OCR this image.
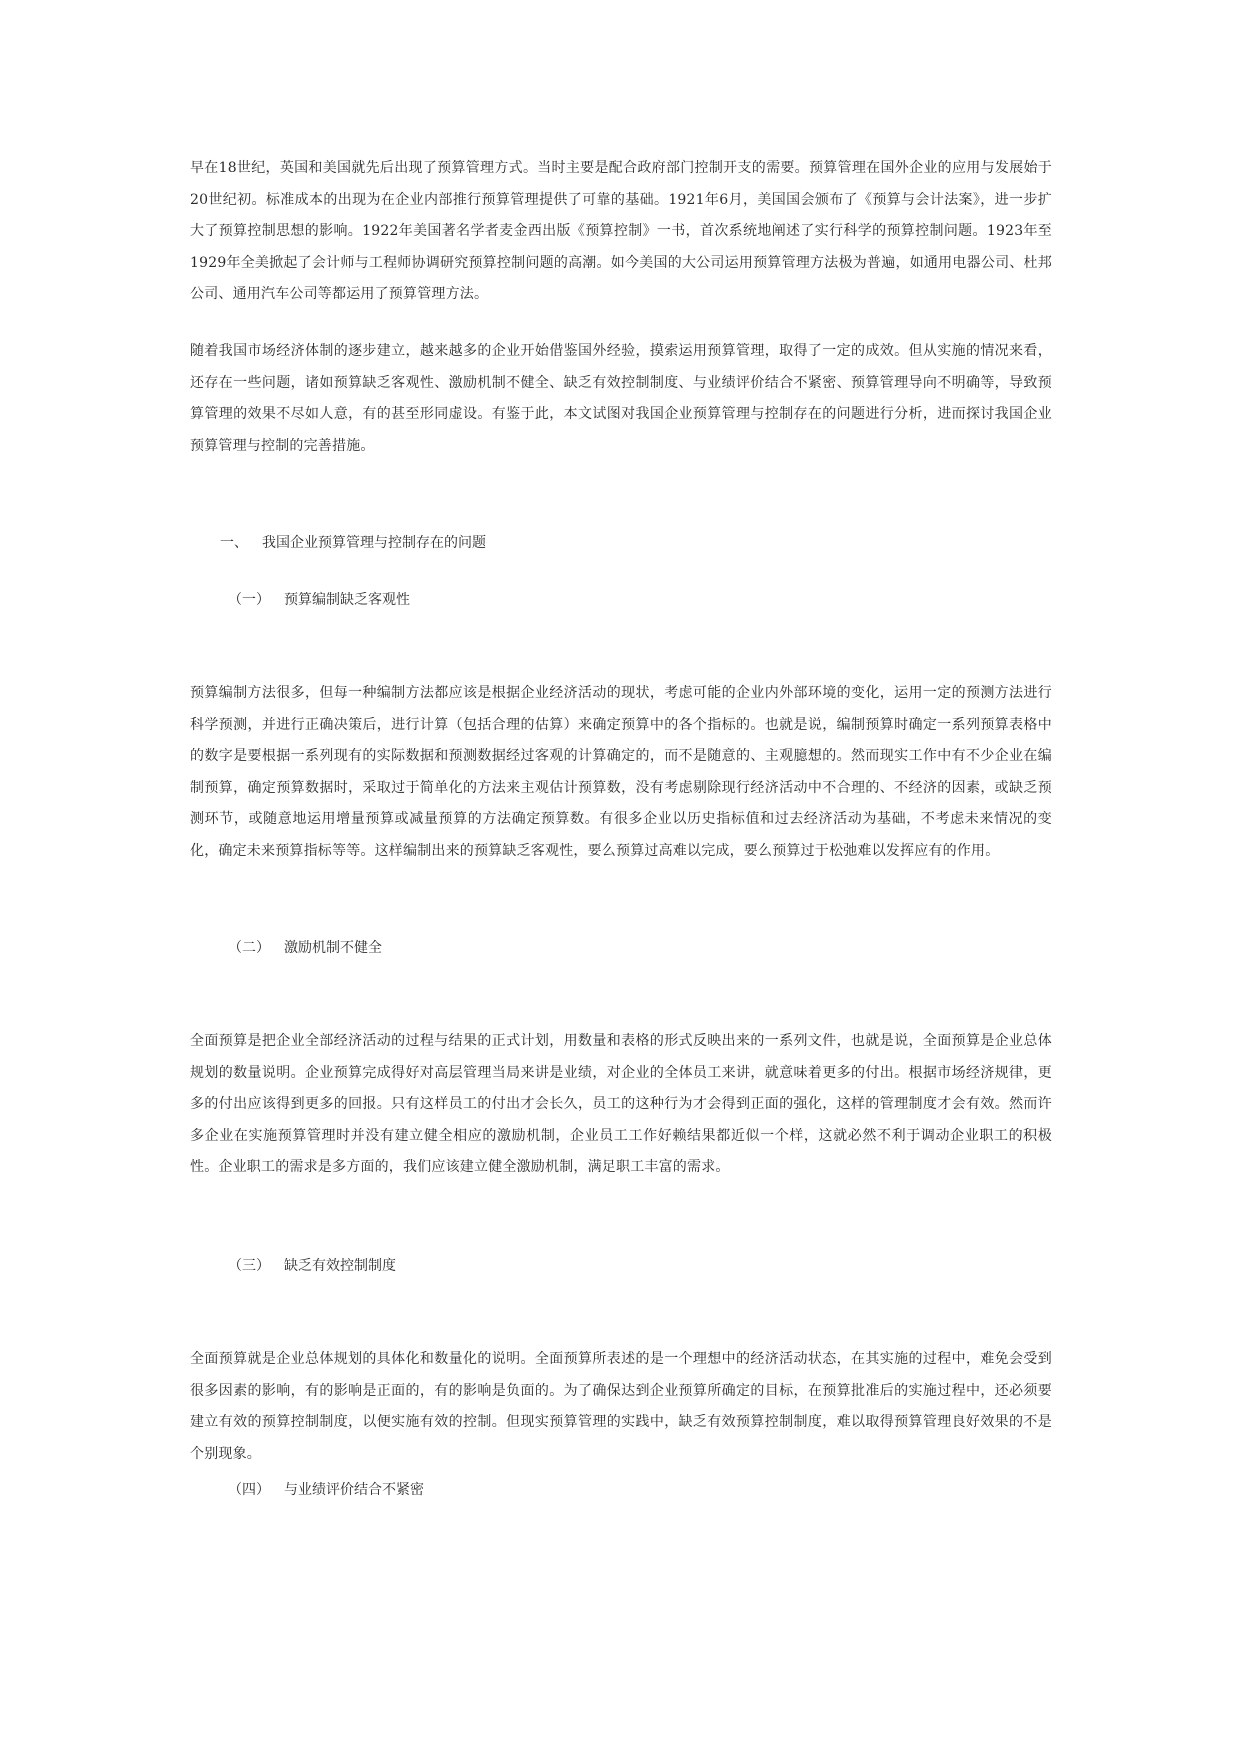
早在18世纪，英国和美国就先后出现了预算管理方式。当时主要是配合政府部门控制开支的需要。预算管理在国外企业的应用与发展始于20世纪初。标准成本的出现为在企业内部推行预算管理提供了可靠的基础。1921年6月，美国国会颁布了《预算与会计法案》，进一步扩大了预算控制思想的影响。1922年美国著名学者麦金西出版《预算控制》一书，首次系统地阐述了实行科学的预算控制问题。1923年至1929年全美掀起了会计师与工程师协调研究预算控制问题的高潮。如今美国的大公司运用预算管理方法极为普遍，如通用电器公司、杜邦公司、通用汽车公司等都运用了预算管理方法。

随着我国市场经济体制的逐步建立，越来越多的企业开始借鉴国外经验，摸索运用预算管理，取得了一定的成效。但从实施的情况来看，还存在一些问题，诸如预算缺乏客观性、激励机制不健全、缺乏有效控制制度、与业绩评价结合不紧密、预算管理导向不明确等，导致预算管理的效果不尽如人意，有的甚至形同虚设。有鉴于此，本文试图对我国企业预算管理与控制存在的问题进行分析，进而探讨我国企业预算管理与控制的完善措施。

一、 我国企业预算管理与控制存在的问题
（一） 预算编制缺乏客观性

预算编制方法很多，但每一种编制方法都应该是根据企业经济活动的现状，考虑可能的企业内外部环境的变化，运用一定的预测方法进行科学预测，并进行正确决策后，进行计算（包括合理的估算）来确定预算中的各个指标的。也就是说，编制预算时确定一系列预算表格中的数字是要根据一系列现有的实际数据和预测数据经过客观的计算确定的，而不是随意的、主观臆想的。然而现实工作中有不少企业在编制预算，确定预算数据时，采取过于简单化的方法来主观估计预算数，没有考虑剔除现行经济活动中不合理的、不经济的因素，或缺乏预测环节，或随意地运用增量预算或减量预算的方法确定预算数。有很多企业以历史指标值和过去经济活动为基础，不考虑未来情况的变化，确定未来预算指标等等。这样编制出来的预算缺乏客观性，要么预算过高难以完成，要么预算过于松弛难以发挥应有的作用。

（二） 激励机制不健全

全面预算是把企业全部经济活动的过程与结果的正式计划，用数量和表格的形式反映出来的一系列文件，也就是说，全面预算是企业总体规划的数量说明。企业预算完成得好对高层管理当局来讲是业绩，对企业的全体员工来讲，就意味着更多的付出。根据市场经济规律，更多的付出应该得到更多的回报。只有这样员工的付出才会长久，员工的这种行为才会得到正面的强化，这样的管理制度才会有效。然而许多企业在实施预算管理时并没有建立健全相应的激励机制，企业员工工作好赖结果都近似一个样，这就必然不利于调动企业职工的积极性。企业职工的需求是多方面的，我们应该建立健全激励机制，满足职工丰富的需求。

（三） 缺乏有效控制制度

全面预算就是企业总体规划的具体化和数量化的说明。全面预算所表述的是一个理想中的经济活动状态，在其实施的过程中，难免会受到很多因素的影响，有的影响是正面的，有的影响是负面的。为了确保达到企业预算所确定的目标，在预算批准后的实施过程中，还必须要建立有效的预算控制制度，以便实施有效的控制。但现实预算管理的实践中，缺乏有效预算控制制度，难以取得预算管理良好效果的不是个别现象。

（四） 与业绩评价结合不紧密
